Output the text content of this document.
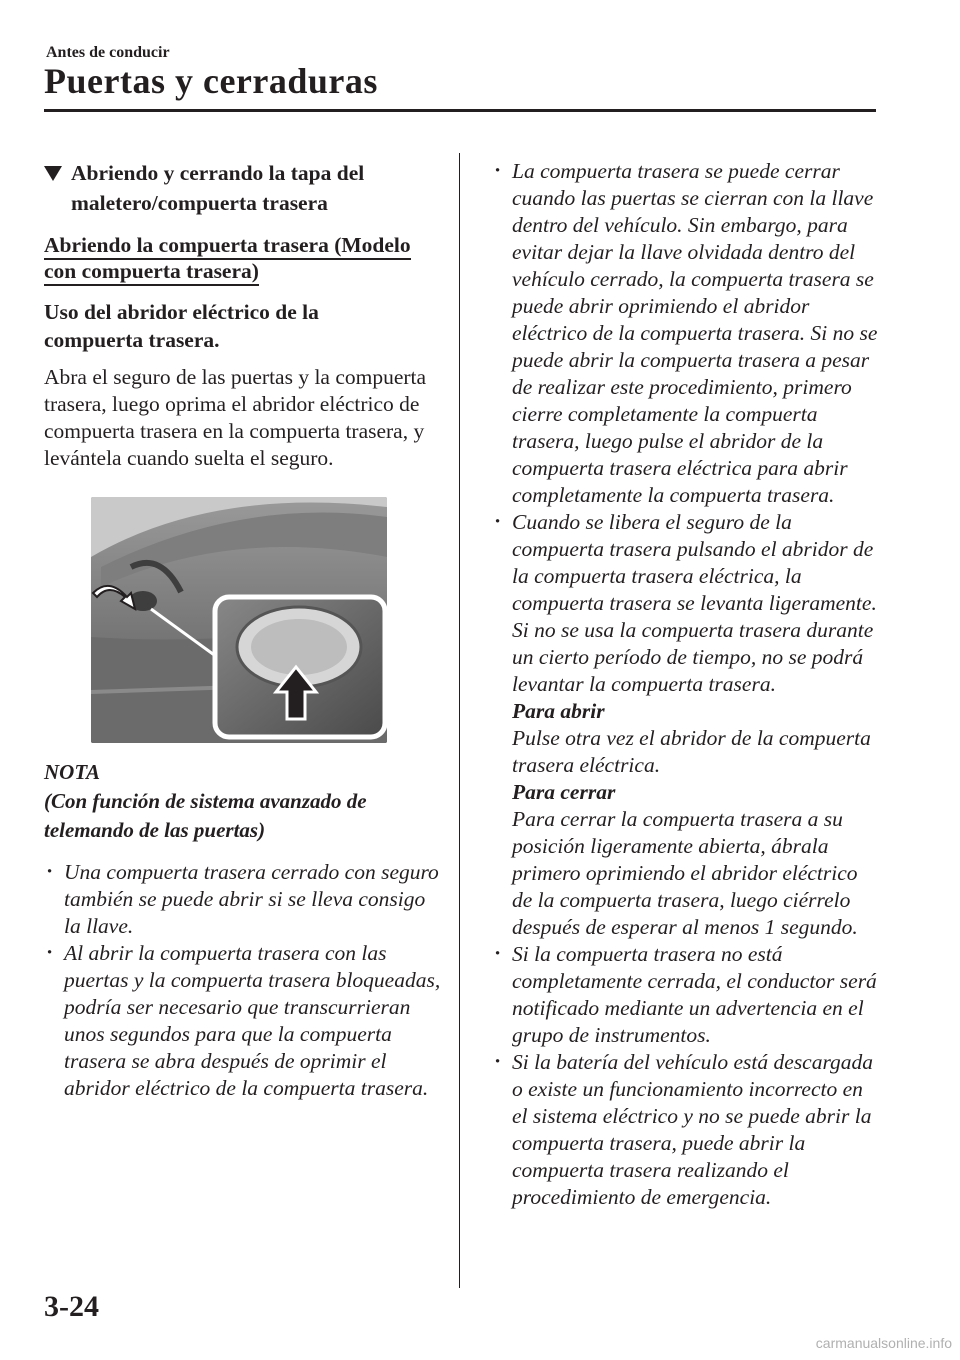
Antes de conducir
Puertas y cerraduras
Abriendo y cerrando la tapa del
maletero/compuerta trasera
Abriendo la compuerta trasera (Modelo
con compuerta trasera)
Uso del abridor eléctrico de la
compuerta trasera.
Abra el seguro de las puertas y la compuerta trasera, luego oprima el abridor eléctrico de compuerta trasera en la compuerta trasera, y levántela cuando suelta el seguro.
NOTA
(Con función de sistema avanzado de
telemando de las puertas)
· Una compuerta trasera cerrado con seguro también se puede abrir si se lleva consigo la llave.
· Al abrir la compuerta trasera con las puertas y la compuerta trasera bloqueadas, podría ser necesario que transcurrieran unos segundos para que la compuerta trasera se abra después de oprimir el abridor eléctrico de la compuerta trasera.
· La compuerta trasera se puede cerrar cuando las puertas se cierran con la llave dentro del vehículo. Sin embargo, para evitar dejar la llave olvidada dentro del vehículo cerrado, la compuerta trasera se puede abrir oprimiendo el abridor eléctrico de la compuerta trasera. Si no se puede abrir la compuerta trasera a pesar de realizar este procedimiento, primero cierre completamente la compuerta trasera, luego pulse el abridor de la compuerta trasera eléctrica para abrir completamente la compuerta trasera.
· Cuando se libera el seguro de la compuerta trasera pulsando el abridor de la compuerta trasera eléctrica, la compuerta trasera se levanta ligeramente. Si no se usa la compuerta trasera durante un cierto período de tiempo, no se podrá levantar la compuerta trasera.
Para abrir
Pulse otra vez el abridor de la compuerta trasera eléctrica.
Para cerrar
Para cerrar la compuerta trasera a su posición ligeramente abierta, ábrala primero oprimiendo el abridor eléctrico de la compuerta trasera, luego ciérrelo después de esperar al menos 1 segundo.
· Si la compuerta trasera no está completamente cerrada, el conductor será notificado mediante un advertencia en el grupo de instrumentos.
· Si la batería del vehículo está descargada o existe un funcionamiento incorrecto en el sistema eléctrico y no se puede abrir la compuerta trasera, puede abrir la compuerta trasera realizando el procedimiento de emergencia.
3-24
carmanualsonline.info
